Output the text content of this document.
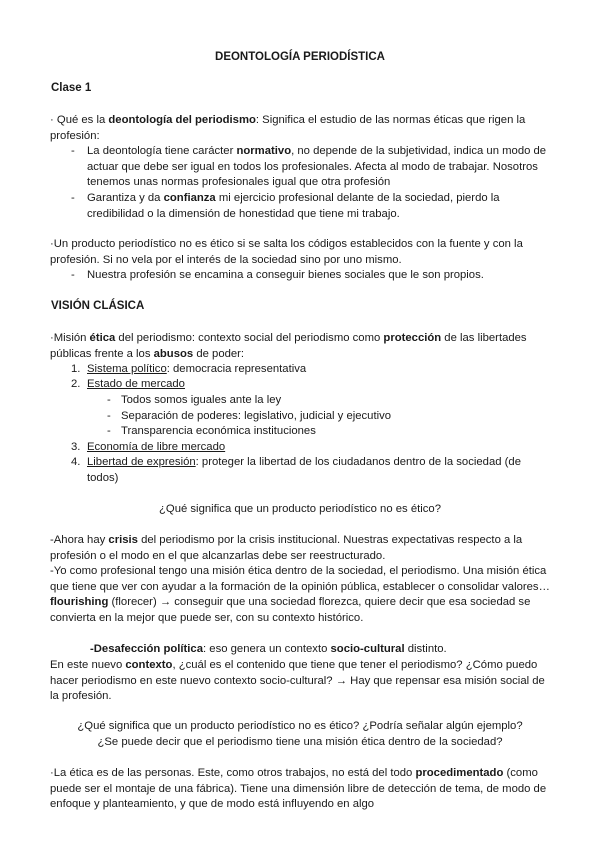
DEONTOLOGÍA PERIODÍSTICA
Clase 1
· Qué es la deontología del periodismo: Significa el estudio de las normas éticas que rigen la profesión:
- La deontología tiene carácter normativo, no depende de la subjetividad, indica un modo de actuar que debe ser igual en todos los profesionales. Afecta al modo de trabajar. Nosotros tenemos unas normas profesionales igual que otra profesión
- Garantiza y da confianza mi ejercicio profesional delante de la sociedad, pierdo la credibilidad o la dimensión de honestidad que tiene mi trabajo.
·Un producto periodístico no es ético si se salta los códigos establecidos con la fuente y con la profesión. Si no vela por el interés de la sociedad sino por uno mismo.
- Nuestra profesión se encamina a conseguir bienes sociales que le son propios.
VISIÓN CLÁSICA
·Misión ética del periodismo: contexto social del periodismo como protección de las libertades públicas frente a los abusos de poder:
1. Sistema político: democracia representativa
2. Estado de mercado
- Todos somos iguales ante la ley
- Separación de poderes: legislativo, judicial y ejecutivo
- Transparencia económica instituciones
3. Economía de libre mercado
4. Libertad de expresión: proteger la libertad de los ciudadanos dentro de la sociedad (de todos)
¿Qué significa que un producto periodístico no es ético?
-Ahora hay crisis del periodismo por la crisis institucional. Nuestras expectativas respecto a la profesión o el modo en el que alcanzarlas debe ser reestructurado.
-Yo como profesional tengo una misión ética dentro de la sociedad, el periodismo. Una misión ética que tiene que ver con ayudar a la formación de la opinión pública, establecer o consolidar valores… flourishing (florecer) → conseguir que una sociedad florezca, quiere decir que esa sociedad se convierta en la mejor que puede ser, con su contexto histórico.
-Desafección política: eso genera un contexto socio-cultural distinto.
En este nuevo contexto, ¿cuál es el contenido que tiene que tener el periodismo? ¿Cómo puedo hacer periodismo en este nuevo contexto socio-cultural? → Hay que repensar esa misión social de la profesión.
¿Qué significa que un producto periodístico no es ético? ¿Podría señalar algún ejemplo?
¿Se puede decir que el periodismo tiene una misión ética dentro de la sociedad?
·La ética es de las personas. Este, como otros trabajos, no está del todo procedimentado (como puede ser el montaje de una fábrica). Tiene una dimensión libre de detección de tema, de modo de enfoque y planteamiento, y que de modo está influyendo en algo
